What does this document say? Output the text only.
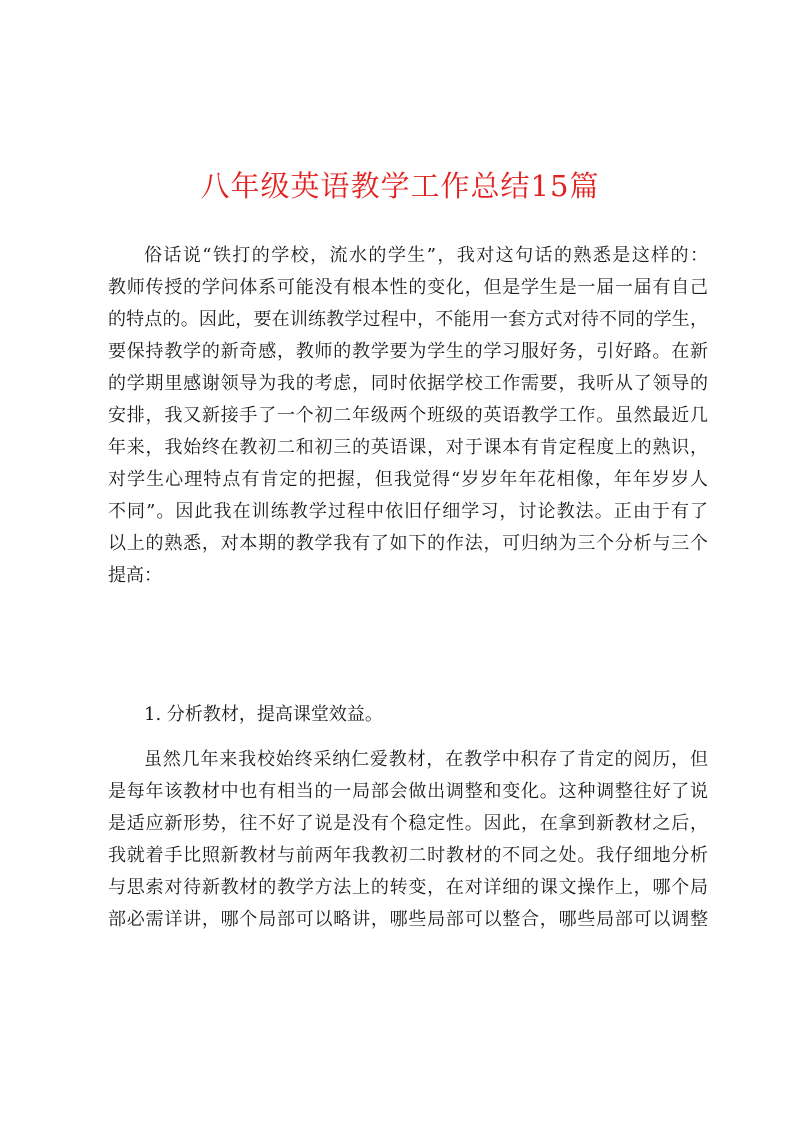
八年级英语教学工作总结15篇
俗话说“铁打的学校，流水的学生”，我对这句话的熟悉是这样的：
教师传授的学问体系可能没有根本性的变化，但是学生是一届一届有自己
的特点的。因此，要在训练教学过程中，不能用一套方式对待不同的学生，
要保持教学的新奇感，教师的教学要为学生的学习服好务，引好路。在新
的学期里感谢领导为我的考虑，同时依据学校工作需要，我听从了领导的
安排，我又新接手了一个初二年级两个班级的英语教学工作。虽然最近几
年来，我始终在教初二和初三的英语课，对于课本有肯定程度上的熟识，
对学生心理特点有肯定的把握，但我觉得“岁岁年年花相像，年年岁岁人
不同”。因此我在训练教学过程中依旧仔细学习，讨论教法。正由于有了
以上的熟悉，对本期的教学我有了如下的作法，可归纳为三个分析与三个
提高：
1. 分析教材，提高课堂效益。
虽然几年来我校始终采纳仁爱教材，在教学中积存了肯定的阅历，但
是每年该教材中也有相当的一局部会做出调整和变化。这种调整往好了说
是适应新形势，往不好了说是没有个稳定性。因此，在拿到新教材之后，
我就着手比照新教材与前两年我教初二时教材的不同之处。我仔细地分析
与思索对待新教材的教学方法上的转变，在对详细的课文操作上，哪个局
部必需详讲，哪个局部可以略讲，哪些局部可以整合，哪些局部可以调整
